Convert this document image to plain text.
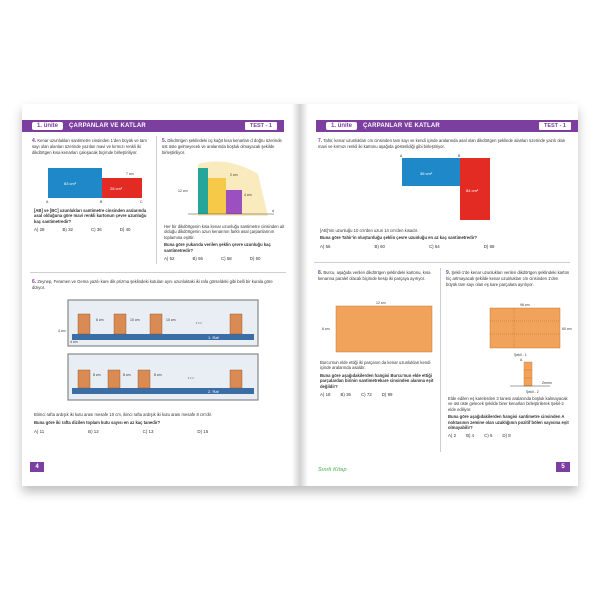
1. ünite	ÇARPANLAR VE KATLAR	TEST - 1
4. Kenar uzunlukları santimetre cinsinden 1'den büyük ve tam sayı olan alanları üzerinde yazılan mavi ve kırmızı renkli iki dikdörtgen kısa kenarları çakışacak biçimde birleştiriliyor.
63 cm²
28 cm²
7 cm
A	B	C
[AB] ve [BC] uzunlukları santimetre cinsinden aralarında asal olduğuna göre mavi renkli kartonun çevre uzunluğu kaç santimetredir?
A) 28	B) 32	C) 36	D) 40
5. Dikdörtgen şeklindeki üç kağıt kısa kenarları d doğru üzerinde üst üste gelmeyecek ve aralarında boşluk olmayacak şekilde birleştiriliyor.
2 cm
12 cm
4 cm
d
Her bir dikdörtgenin kısa kenar uzunluğu santimetre cinsinden ait olduğu dikdörtgenin uzun kenarının farklı asal çarpanlarının toplamına eşittir.
Buna göre yukarıda verilen şeklin çevre uzunluğu kaç santimetredir?
A) 52	B) 56	C) 58	D) 60
6. Zeynep, Feramen ve Gema yazılı kare dik prizma şeklindeki kutuları aynı uzunluktaki iki rafa görseldeki gibi belli bir kurala göre diziyor.
1. Raf
6 cm	10 cm	10 cm
• • •
4 cm
4 cm
2. Raf
8 cm	8 cm	8 cm
• • •
Birinci rafta ardışık iki kutu arası mesafe 10 cm, ikinci rafta ardışık iki kutu arası mesafe 8 cm'dir.
Buna göre iki rafta dizilen toplam kutu sayısı en az kaç tanedir?
A) 11	B) 12	C) 13	D) 15
4
1. ünite	ÇARPANLAR VE KATLAR	TEST - 1
7. Tahir, kenar uzunlukları cm cinsinden tam sayı ve kendi içinde aralarında asal olan dikdörtgen şeklinde alanları üzerinde yazılı olan mavi ve kırmızı renkli iki kartonu aşağıda gösterildiği gibi birleştiriyor.
36 cm²
84 cm²
A	B
[AB]'nin uzunluğu 10 cm'den uzun 14 cm'den kısadır.
Buna göre Tahir'in oluşturduğu şeklin çevre uzunluğu en az kaç santimetredir?
A) 56	B) 60	C) 64	D) 68
8. Burcu, aşağıda verilen dikdörtgen şeklindeki kartonu, kısa kenarına paralel olacak biçimde kesip iki parçaya ayırıyor.
12 cm
6 cm
Burcu'nun elde ettiği iki parçanın da kenar uzunlukları kendi içinde aralarında asaldır.
Buna göre aşağıdakilerden hangisi Burcu'nun elde ettiği parçalardan birinin santimetrekare cinsinden alanına eşit değildir?
A) 18 B) 36 C) 72 D) 99
9. Şekil-1'de kenar uzunlukları verilen dikdörtgen şeklindeki karton hiç artmayacak şekilde kenar uzunlukları cm cinsinden 1'den büyük tam sayı olan eş kare parçalara ayrılıyor.
96 cm
60 cm
Şekil - 1
A
Zemin
Şekil - 2
Elde edilen eş karelerden 3 tanesi aralarında boşluk kalmayacak ve üst üste gelecek şekilde birer kenarları birleştirilerek Şekil-2 elde ediliyor.
Buna göre aşağıdakilerden hangisi santimetre cinsinden A noktasının zemine olan uzaklığının pozitif bölen sayısına eşit olmayabilir?
A) 2 B) 4 C) 6 D) 8
Sınıfı Kitap	5
